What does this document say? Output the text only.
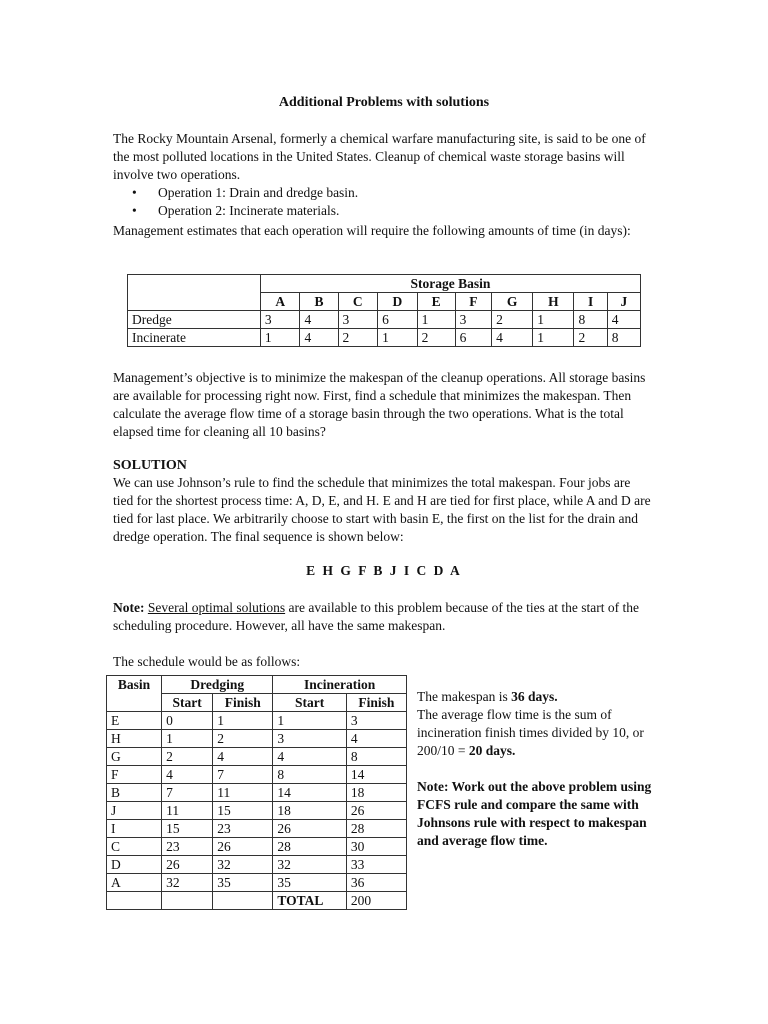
Additional Problems with solutions
The Rocky Mountain Arsenal, formerly a chemical warfare manufacturing site, is said to be one of the most polluted locations in the United States. Cleanup of chemical waste storage basins will involve two operations.
• Operation 1: Drain and dredge basin.
• Operation 2: Incinerate materials.
Management estimates that each operation will require the following amounts of time (in days):
	Storage Basin									
	A	B	C	D	E	F	G	H	I	J
Dredge	3	4	3	6	1	3	2	1	8	4
Incinerate	1	4	2	1	2	6	4	1	2	8
Management’s objective is to minimize the makespan of the cleanup operations. All storage basins are available for processing right now. First, find a schedule that minimizes the makespan. Then calculate the average flow time of a storage basin through the two operations. What is the total elapsed time for cleaning all 10 basins?
SOLUTION
We can use Johnson’s rule to find the schedule that minimizes the total makespan. Four jobs are tied for the shortest process time: A, D, E, and H. E and H are tied for first place, while A and D are tied for last place. We arbitrarily choose to start with basin E, the first on the list for the drain and dredge operation. The final sequence is shown below:
E H G F B J I C D A
Note: Several optimal solutions are available to this problem because of the ties at the start of the scheduling procedure. However, all have the same makespan.
The schedule would be as follows:
Basin	Dredging		Incineration	
	Start	Finish	Start	Finish
E	0	1	1	3
H	1	2	3	4
G	2	4	4	8
F	4	7	8	14
B	7	11	14	18
J	11	15	18	26
I	15	23	26	28
C	23	26	28	30
D	26	32	32	33
A	32	35	35	36
			TOTAL	200
The makespan is 36 days.
The average flow time is the sum of incineration finish times divided by 10, or 200/10 = 20 days.
Note: Work out the above problem using FCFS rule and compare the same with Johnsons rule with respect to makespan and average flow time.
